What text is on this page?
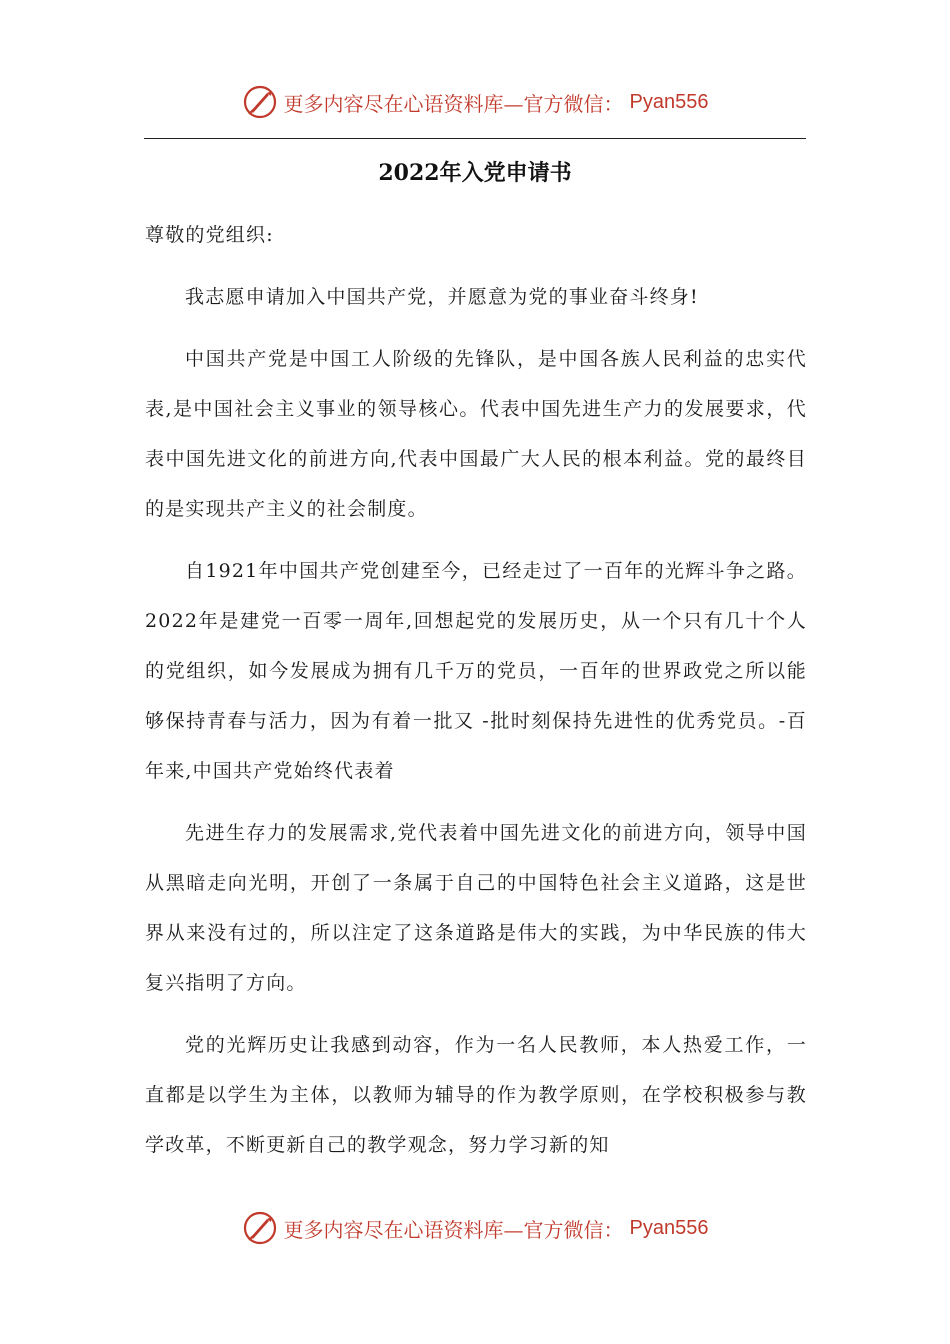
更多内容尽在心语资料库—官方微信： Pyan556
2022年入党申请书

尊敬的党组织:

我志愿申请加入中国共产党，并愿意为党的事业奋斗终身!

中国共产党是中国工人阶级的先锋队，是中国各族人民利益的忠实代表,是中国社会主义事业的领导核心。代表中国先进生产力的发展要求，代表中国先进文化的前进方向,代表中国最广大人民的根本利益。党的最终目的是实现共产主义的社会制度。

自1921年中国共产党创建至今，已经走过了一百年的光辉斗争之路。2022年是建党一百零一周年,回想起党的发展历史，从一个只有几十个人的党组织，如今发展成为拥有几千万的党员，一百年的世界政党之所以能够保持青春与活力，因为有着一批又 -批时刻保持先进性的优秀党员。-百年来,中国共产党始终代表着

先进生存力的发展需求,党代表着中国先进文化的前进方向，领导中国从黑暗走向光明，开创了一条属于自己的中国特色社会主义道路，这是世界从来没有过的，所以注定了这条道路是伟大的实践，为中华民族的伟大复兴指明了方向。

党的光辉历史让我感到动容，作为一名人民教师，本人热爱工作，一直都是以学生为主体，以教师为辅导的作为教学原则，在学校积极参与教学改革，不断更新自己的教学观念，努力学习新的知

更多内容尽在心语资料库—官方微信： Pyan556
